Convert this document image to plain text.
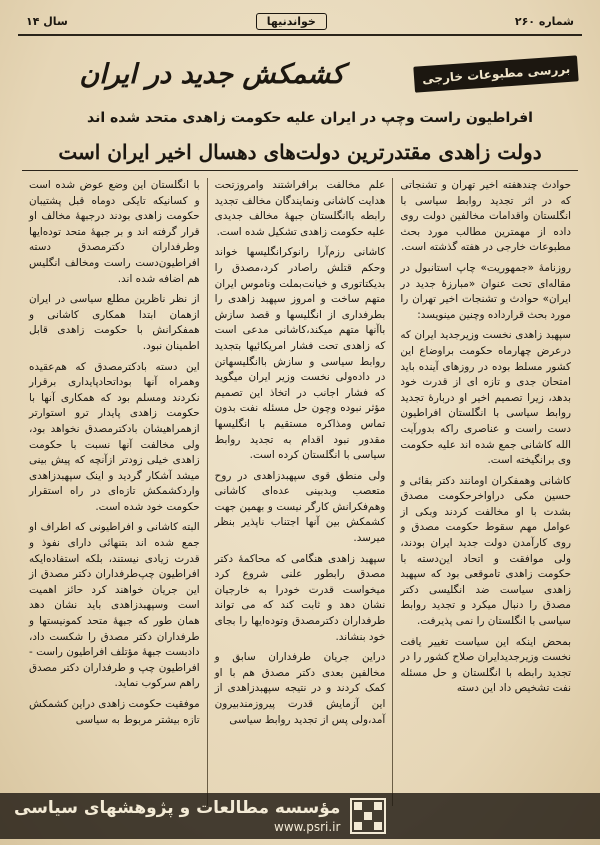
شماره ۲۶۰
خواندنیها
سال ۱۴
بررسی مطبوعات خارجی
کشمکش جدید در ایران
افراطیون راست وچپ در ایران علیه حکومت زاهدی متحد شده اند
دولت زاهدی مقتدرترین دولت‌های دهسال اخیر ایران است

حوادث چندهفته اخیر تهران و تشنجاتی که در اثر تجدید روابط سیاسی با انگلستان واقدامات مخالفین دولت روی داده از مهمترین مطالب مورد بحث مطبوعات خارجی در هفته گذشته است.

روزنامهٔ «جمهوریت» چاپ استانبول در مقاله‌ای تحت عنوان «مبارزهٔ جدید در ایران» حوادث و تشنجات اخیر تهران را مورد بحث قرارداده وچنین مینویسد:

سپهبد زاهدی نخست وزیرجدید ایران که درعرض چهارماه حکومت براوضاع این کشور مسلط بوده در روزهای آینده باید امتحان جدی و تازه ای از قدرت خود بدهد، زیرا تصمیم اخیر او دربارهٔ تجدید روابط سیاسی با انگلستان افراطیون دست راست و عناصری راکه بدورآیت الله کاشانی جمع شده اند علیه حکومت وی برانگیخته است.

کاشانی وهمفکران اومانند دکتر بقائی و حسین مکی دراواخرحکومت مصدق بشدت با او مخالفت کردند وبکی از عوامل مهم سقوط حکومت مصدق و روی کارآمدن دولت جدید ایران بودند، ولی موافقت و اتحاد این‌دسته با حکومت زاهدی تاموقعی بود که سپهبد زاهدی سیاست ضد انگلیسی دکتر مصدق را دنبال میکرد و تجدید روابط سیاسی با انگلستان را نمی پذیرفت.

بمحض اینکه این سیاست تغییر یافت نخست وزیرجدیدایران صلاح کشور را در تجدید رابطه با انگلستان و حل مسئله نفت تشخیص داد این دسته

علم مخالفت برافراشتند وامروزتحت هدایت کاشانی ونمایندگان مخالف تجدید رابطه باانگلستان جبههٔ مخالف جدیدی علیه حکومت زاهدی تشکیل شده است.

کاشانی رزم‌آرا رانوکرانگلیسها خواند وحکم قتلش راصادر کرد،مصدق را بدیکتاتوری و خیانت‌بملت وناموس ایران متهم ساخت و امروز سپهبد زاهدی را بطرفداری از انگلیسها و قصد سازش باآنها متهم میکند،کاشانی مدعی است که زاهدی تحت فشار امریکائیها بتجدید روابط سیاسی و سازش باانگلیسهاتن در داده‌ولی نخست وزیر ایران میگوید که فشار اجانب در اتخاذ این تصمیم مؤثر نبوده وچون حل مسئله نفت بدون تماس ومذاکره مستقیم با انگلیسها مقدور نبود اقدام به تجدید روابط سیاسی با انگلستان کرده است.

ولی منطق قوی سپهبدزاهدی در روح متعصب وبدبینی عده‌ای کاشانی وهم‌فکرانش کارگر نیست و بهمین جهت کشمکش بین آنها اجتناب ناپذیر بنظر میرسد.

سپهبد زاهدی هنگامی که محاکمهٔ دکتر مصدق رابطور علنی شروع کرد میخواست قدرت خودرا به خارجیان نشان دهد و ثابت کند که می تواند طرفداران دکترمصدق وتوده‌ایها را بجای خود بنشاند.

دراین جریان طرفداران سابق و مخالفین بعدی دکتر مصدق هم با او کمک کردند و در نتیجه سپهبدزاهدی از این آزمایش قدرت پیروزمندبیرون آمد،ولی پس از تجدید روابط سیاسی

با انگلستان این وضع عوض شده است و کسانیکه تایکی دوماه قبل پشتیبان حکومت زاهدی بودند درجبههٔ مخالف او قرار گرفته اند و بر جبههٔ متحد توده‌ایها وطرفداران دکترمصدق دسته افراطیون‌دست راست ومخالف انگلیس هم اضافه شده اند.

از نظر ناظرین مطلع سیاسی در ایران ازهمان ابتدا همکاری کاشانی و همفکرانش با حکومت زاهدی قابل اطمینان نبود.

این دسته بادکترمصدق که هم‌عقیده وهمراه آنها بوداتحادپایداری برقرار نکردند ومسلم بود که همکاری آنها با حکومت زاهدی پایدار ترو استوارتر ازهمراهیشان بادکترمصدق نخواهد بود، ولی مخالفت آنها نسبت با حکومت زاهدی خیلی زودتر ازآنچه که پیش بینی میشد آشکار گردید و اینک سپهبدزاهدی واردکشمکش تازه‌ای در راه استقرار حکومت خود شده است.

البته کاشانی و افراطیونی که اطراف او جمع شده اند بتنهائی دارای نفوذ و قدرت زیادی نیستند، بلکه استفاده‌ایکه افراطیون چپ‌طرفداران دکتر مصدق از این جریان خواهند کرد حائز اهمیت است وسپهبدزاهدی باید نشان دهد همان طور که جبههٔ متحد کمونیستها و طرفداران دکتر مصدق را شکست داد، دادبست جبههٔ مؤتلف افراطیون راست - افراطیون چپ و طرفداران دکتر مصدق راهم سرکوب نماید.

موفقیت حکومت زاهدی دراین کشمکش تازه بیشتر مربوط به سیاسی

مؤسسه مطالعات و پژوهشهای سیاسی
www.psri.ir
